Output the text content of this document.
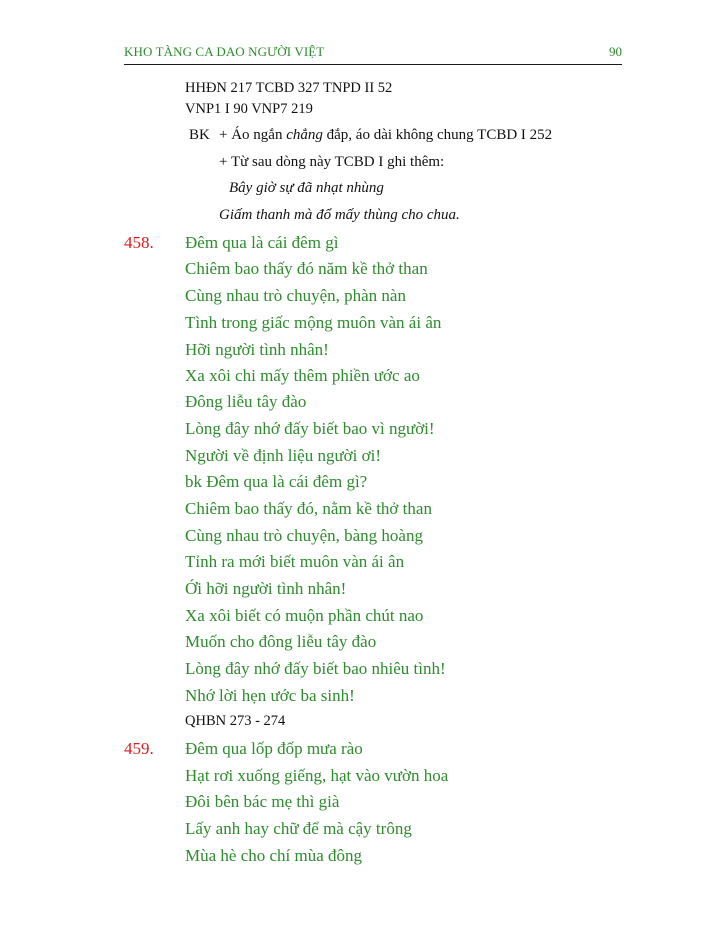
KHO TÀNG CA DAO NGƯỜI VIỆT	90
HHĐN 217 TCBD 327 TNPD II 52
VNP1 I 90 VNP7 219
BK + Áo ngắn chẳng đắp, áo dài không chung TCBD I 252
+ Từ sau dòng này TCBD I ghi thêm:
Bây giờ sự đã nhạt nhùng
Giấm thanh mà đổ mấy thùng cho chua.
458. Đêm qua là cái đêm gì
Chiêm bao thấy đó năm kề thở than
Cùng nhau trò chuyện, phàn nàn
Tình trong giấc mộng muôn vàn ái ân
Hỡi người tình nhân!
Xa xôi chi mấy thêm phiền ước ao
Đông liễu tây đào
Lòng đây nhớ đấy biết bao vì người!
Người về định liệu người ơi!
bk Đêm qua là cái đêm gì?
Chiêm bao thấy đó, nằm kề thở than
Cùng nhau trò chuyện, bàng hoàng
Tỉnh ra mới biết muôn vàn ái ân
Ới hỡi người tình nhân!
Xa xôi biết có muộn phần chút nao
Muốn cho đông liễu tây đào
Lòng đây nhớ đấy biết bao nhiêu tình!
Nhớ lời hẹn ước ba sinh!
QHBN 273 - 274
459. Đêm qua lốp đốp mưa rào
Hạt rơi xuống giếng, hạt vào vườn hoa
Đôi bên bác mẹ thì già
Lấy anh hay chữ để mà cậy trông
Mùa hè cho chí mùa đông
